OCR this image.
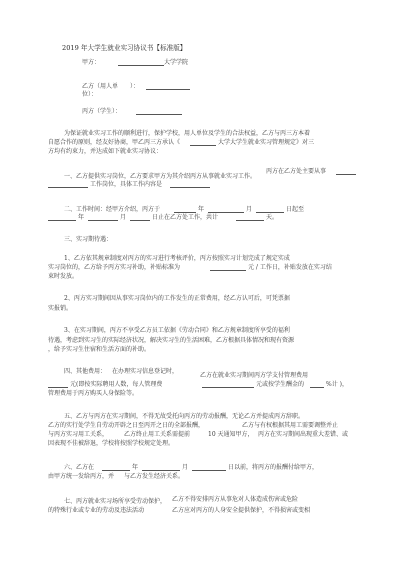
2019 年大学生就业实习协议书【标准版】
甲方：	大学学院
乙方（用人单 ）：
位）：
丙方（学生）：
为保证就业实习工作的顺利进行，保护学校，用人单位及学生的合法权益，乙方与丙三方本着
自愿合作的原则，经友好协商，甲乙丙三方承认《	大学大学生就业实习管理规定》对三
方均有约束力，并达成如下就业实习协议：
一、乙方提供实习岗位，乙方要求甲方为其介绍丙方从事就业实习工作。
丙方在乙方处主要从事
工作岗位，具体工作内容是
二、工作时间：经甲方介绍，丙方于	年	月	日起至
年	月	日止在乙方处工作，共计	天。
三、实习期待遇：
1、乙方依其规章制度对丙方的实习进行考核评价，丙方按照实习计划完成了规定实成
实习岗位的，乙方给予丙方实习补助，补贴标准为	元 / 工作日，补贴发放在实习结
束时发放。
2、丙方实习期间因从事实习岗位内的工作发生的正常费用，经乙方认可后，可凭票据
实报销。
3、在实习期间，丙方不享受乙方员工依据《劳动合同》和乙方规章制度所享受的福利
待遇，考虑到实习生的实际经济状况，解决实习生的生活困难，乙方根据具体情况和现有资源
，给予实习生住宿和生活方面的补助。
四、其他费用： 在办理实习信息登记时，
乙方在就业实习期间丙方学支付管理费用
元(即按实际聘用人数，每人管理费	元或按学生酬金的	%计 )，
管理费用于丙方购买人身保险等。
五、乙方与丙方在实习期间，不得无故受托向丙方的劳动报酬，无论乙方并提成丙方辞职。
乙方的实行处学生自劳动开辟之日至丙开之日的全部报酬，	乙方与有权根据其用工需要调整并止
与丙方实习用工关系，	乙方终止用工关系需提前	10 天通知甲方， 丙方在实习期间出现重大差错、或
因表现不佳被辞退，学校将按照学校规定处理。
六、乙方在	年	月	日以前，将丙方的报酬付给甲方，
由甲方统一发给丙方，并 与乙方发生经济关系。
七、丙方就业实习场所享受劳动保护， 乙方不得安排丙方从事危对人体造成伤害或危险
的特殊行业或专业的劳动及违法活动	乙方应对丙方的人身安全提供保护，不得损害或变相
